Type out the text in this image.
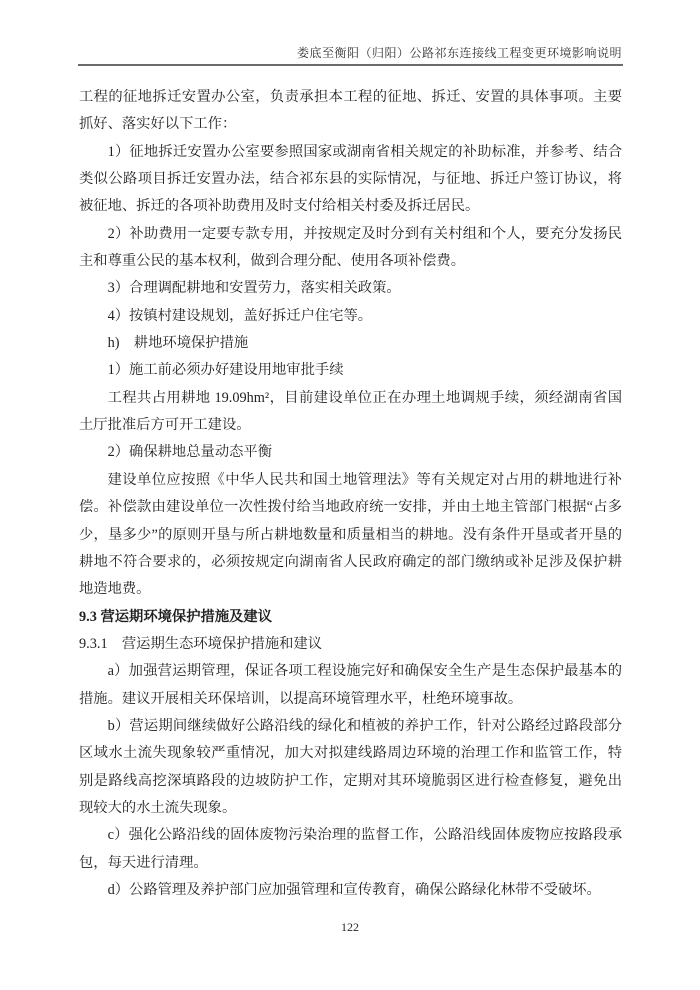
娄底至衡阳（归阳）公路祁东连接线工程变更环境影响说明

工程的征地拆迁安置办公室，负责承担本工程的征地、拆迁、安置的具体事项。主要抓好、落实好以下工作：

1）征地拆迁安置办公室要参照国家或湖南省相关规定的补助标准，并参考、结合类似公路项目拆迁安置办法，结合祁东县的实际情况，与征地、拆迁户签订协议，将被征地、拆迁的各项补助费用及时支付给相关村委及拆迁居民。

2）补助费用一定要专款专用，并按规定及时分到有关村组和个人，要充分发扬民主和尊重公民的基本权利，做到合理分配、使用各项补偿费。

3）合理调配耕地和安置劳力，落实相关政策。

4）按镇村建设规划，盖好拆迁户住宅等。

h)　耕地环境保护措施

1）施工前必须办好建设用地审批手续

工程共占用耕地 19.09hm²，目前建设单位正在办理土地调规手续，须经湖南省国土厅批准后方可开工建设。

2）确保耕地总量动态平衡

建设单位应按照《中华人民共和国土地管理法》等有关规定对占用的耕地进行补偿。补偿款由建设单位一次性拨付给当地政府统一安排，并由土地主管部门根据“占多少，垦多少”的原则开垦与所占耕地数量和质量相当的耕地。没有条件开垦或者开垦的耕地不符合要求的，必须按规定向湖南省人民政府确定的部门缴纳或补足涉及保护耕地造地费。

9.3 营运期环境保护措施及建议

9.3.1　营运期生态环境保护措施和建议

a）加强营运期管理，保证各项工程设施完好和确保安全生产是生态保护最基本的措施。建议开展相关环保培训，以提高环境管理水平，杜绝环境事故。

b）营运期间继续做好公路沿线的绿化和植被的养护工作，针对公路经过路段部分区域水土流失现象较严重情况，加大对拟建线路周边环境的治理工作和监管工作，特别是路线高挖深填路段的边坡防护工作，定期对其环境脆弱区进行检查修复，避免出现较大的水土流失现象。

c）强化公路沿线的固体废物污染治理的监督工作，公路沿线固体废物应按路段承包，每天进行清理。

d）公路管理及养护部门应加强管理和宣传教育，确保公路绿化林带不受破坏。

122
